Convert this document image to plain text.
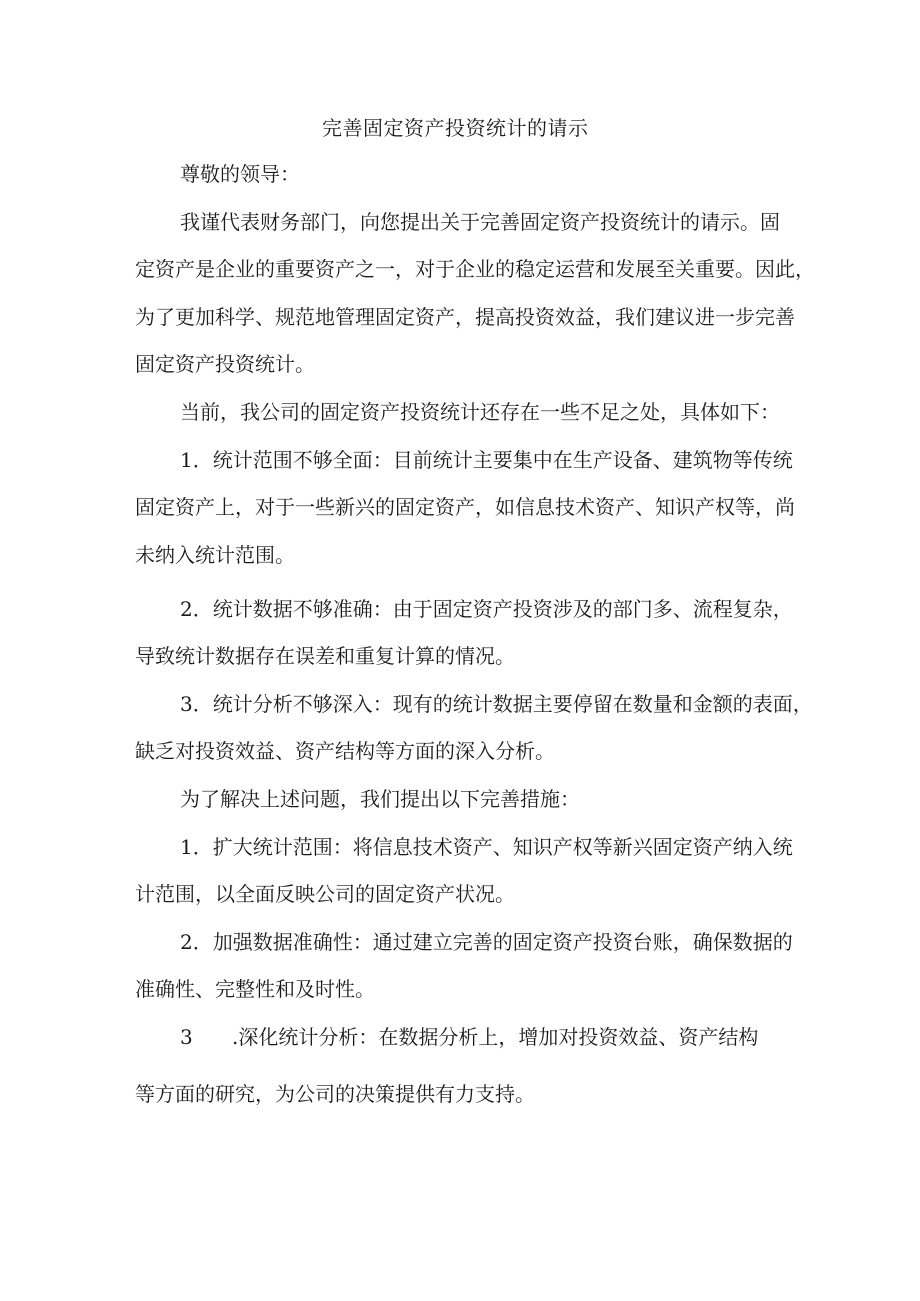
完善固定资产投资统计的请示
尊敬的领导：
我谨代表财务部门，向您提出关于完善固定资产投资统计的请示。固
定资产是企业的重要资产之一，对于企业的稳定运营和发展至关重要。因此，
为了更加科学、规范地管理固定资产，提高投资效益，我们建议进一步完善
固定资产投资统计。
当前，我公司的固定资产投资统计还存在一些不足之处，具体如下：
1．统计范围不够全面：目前统计主要集中在生产设备、建筑物等传统
固定资产上，对于一些新兴的固定资产，如信息技术资产、知识产权等，尚
未纳入统计范围。
2．统计数据不够准确：由于固定资产投资涉及的部门多、流程复杂，
导致统计数据存在误差和重复计算的情况。
3．统计分析不够深入：现有的统计数据主要停留在数量和金额的表面，
缺乏对投资效益、资产结构等方面的深入分析。
为了解决上述问题，我们提出以下完善措施：
1．扩大统计范围：将信息技术资产、知识产权等新兴固定资产纳入统
计范围，以全面反映公司的固定资产状况。
2．加强数据准确性：通过建立完善的固定资产投资台账，确保数据的
准确性、完整性和及时性。
3 .深化统计分析：在数据分析上，增加对投资效益、资产结构
等方面的研究，为公司的决策提供有力支持。
